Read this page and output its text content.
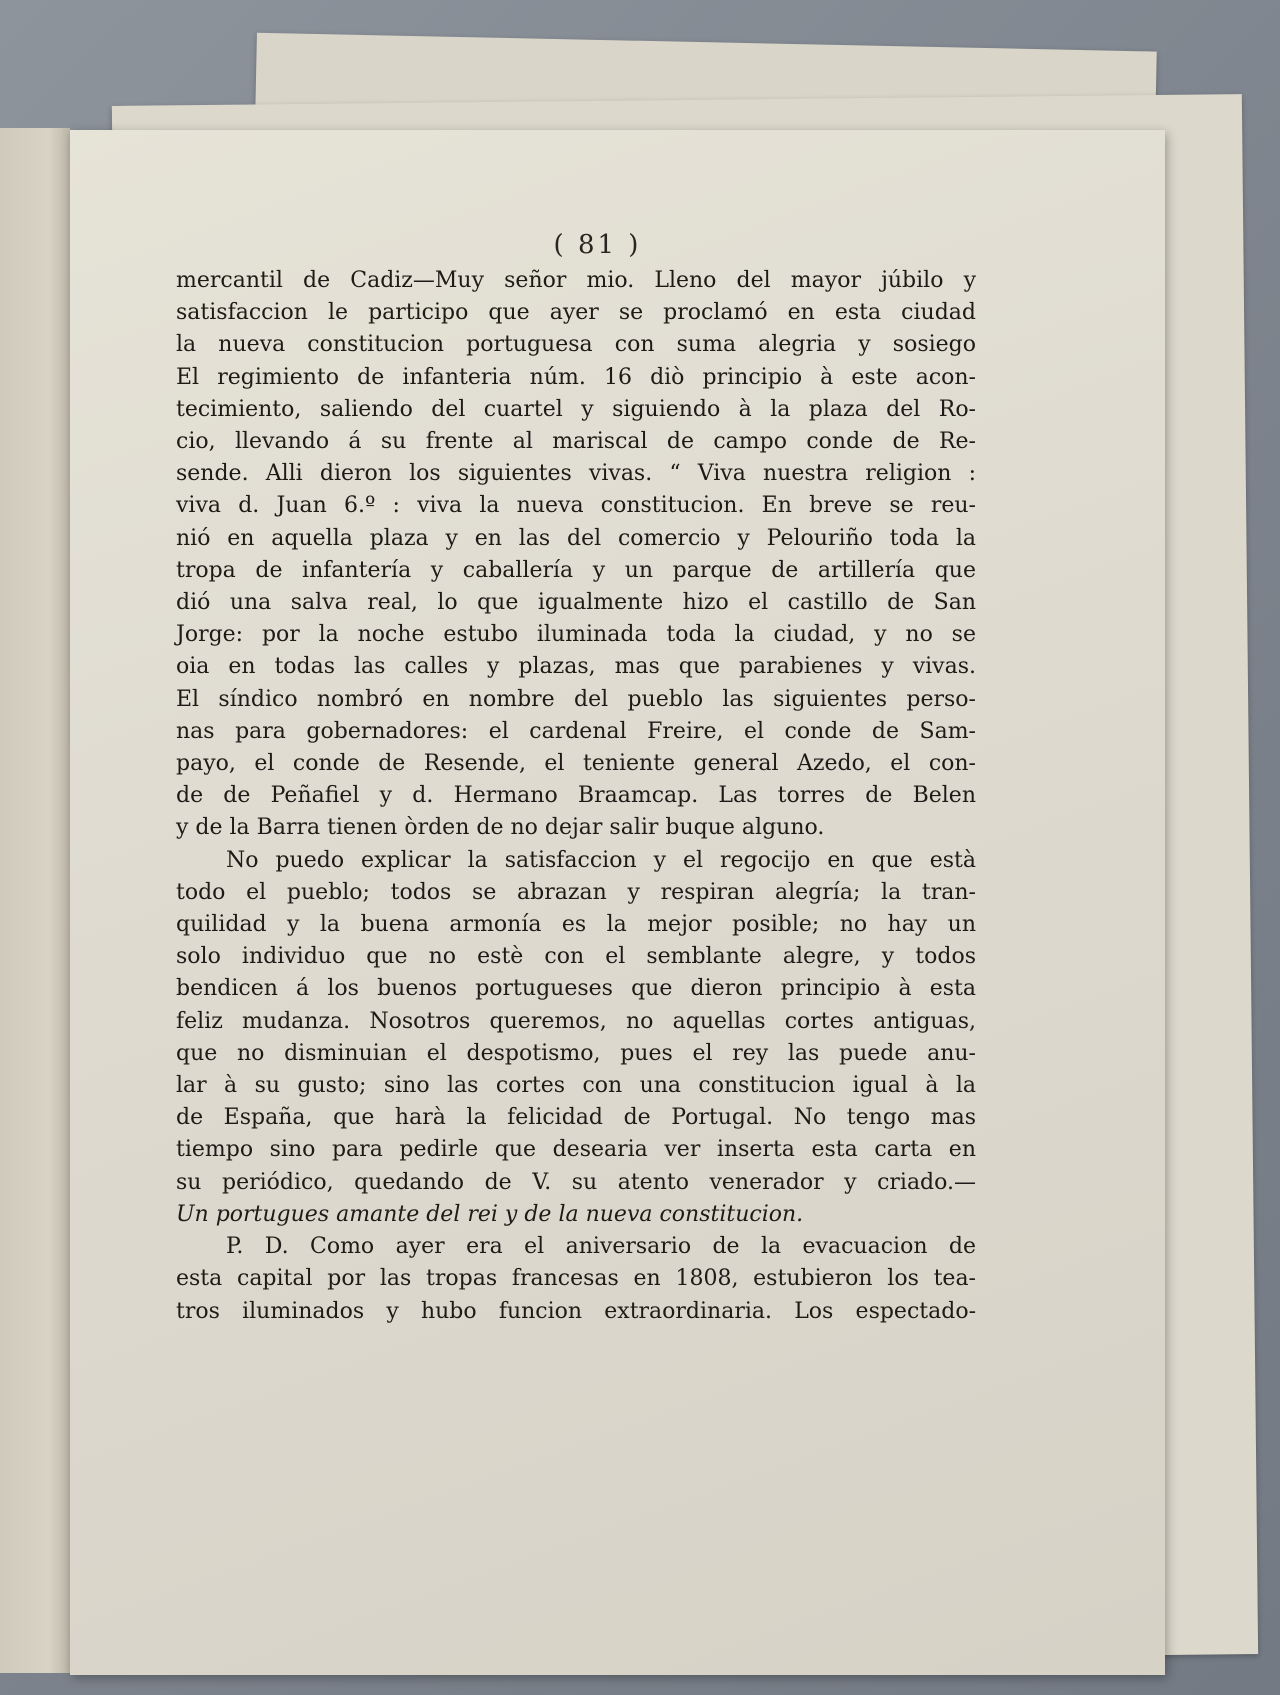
( 81 )
mercantil de Cadiz—Muy señor mio. Lleno del mayor júbilo y
satisfaccion le participo que ayer se proclamó en esta ciudad
la nueva constitucion portuguesa con suma alegria y sosiego
El regimiento de infanteria núm. 16 diò principio à este acon-
tecimiento, saliendo del cuartel y siguiendo à la plaza del Ro-
cio, llevando á su frente al mariscal de campo conde de Re-
sende. Alli dieron los siguientes vivas. “ Viva nuestra religion :
viva d. Juan 6.º : viva la nueva constitucion. En breve se reu-
nió en aquella plaza y en las del comercio y Pelouriño toda la
tropa de infantería y caballería y un parque de artillería que
dió una salva real, lo que igualmente hizo el castillo de San
Jorge: por la noche estubo iluminada toda la ciudad, y no se
oia en todas las calles y plazas, mas que parabienes y vivas.
El síndico nombró en nombre del pueblo las siguientes perso-
nas para gobernadores: el cardenal Freire, el conde de Sam-
payo, el conde de Resende, el teniente general Azedo, el con-
de de Peñafiel y d. Hermano Braamcap. Las torres de Belen
y de la Barra tienen òrden de no dejar salir buque alguno.
No puedo explicar la satisfaccion y el regocijo en que està
todo el pueblo; todos se abrazan y respiran alegría; la tran-
quilidad y la buena armonía es la mejor posible; no hay un
solo individuo que no estè con el semblante alegre, y todos
bendicen á los buenos portugueses que dieron principio à esta
feliz mudanza. Nosotros queremos, no aquellas cortes antiguas,
que no disminuian el despotismo, pues el rey las puede anu-
lar à su gusto; sino las cortes con una constitucion igual à la
de España, que harà la felicidad de Portugal. No tengo mas
tiempo sino para pedirle que desearia ver inserta esta carta en
su periódico, quedando de V. su atento venerador y criado.—
Un portugues amante del rei y de la nueva constitucion.
P. D. Como ayer era el aniversario de la evacuacion de
esta capital por las tropas francesas en 1808, estubieron los tea-
tros iluminados y hubo funcion extraordinaria. Los espectado-
